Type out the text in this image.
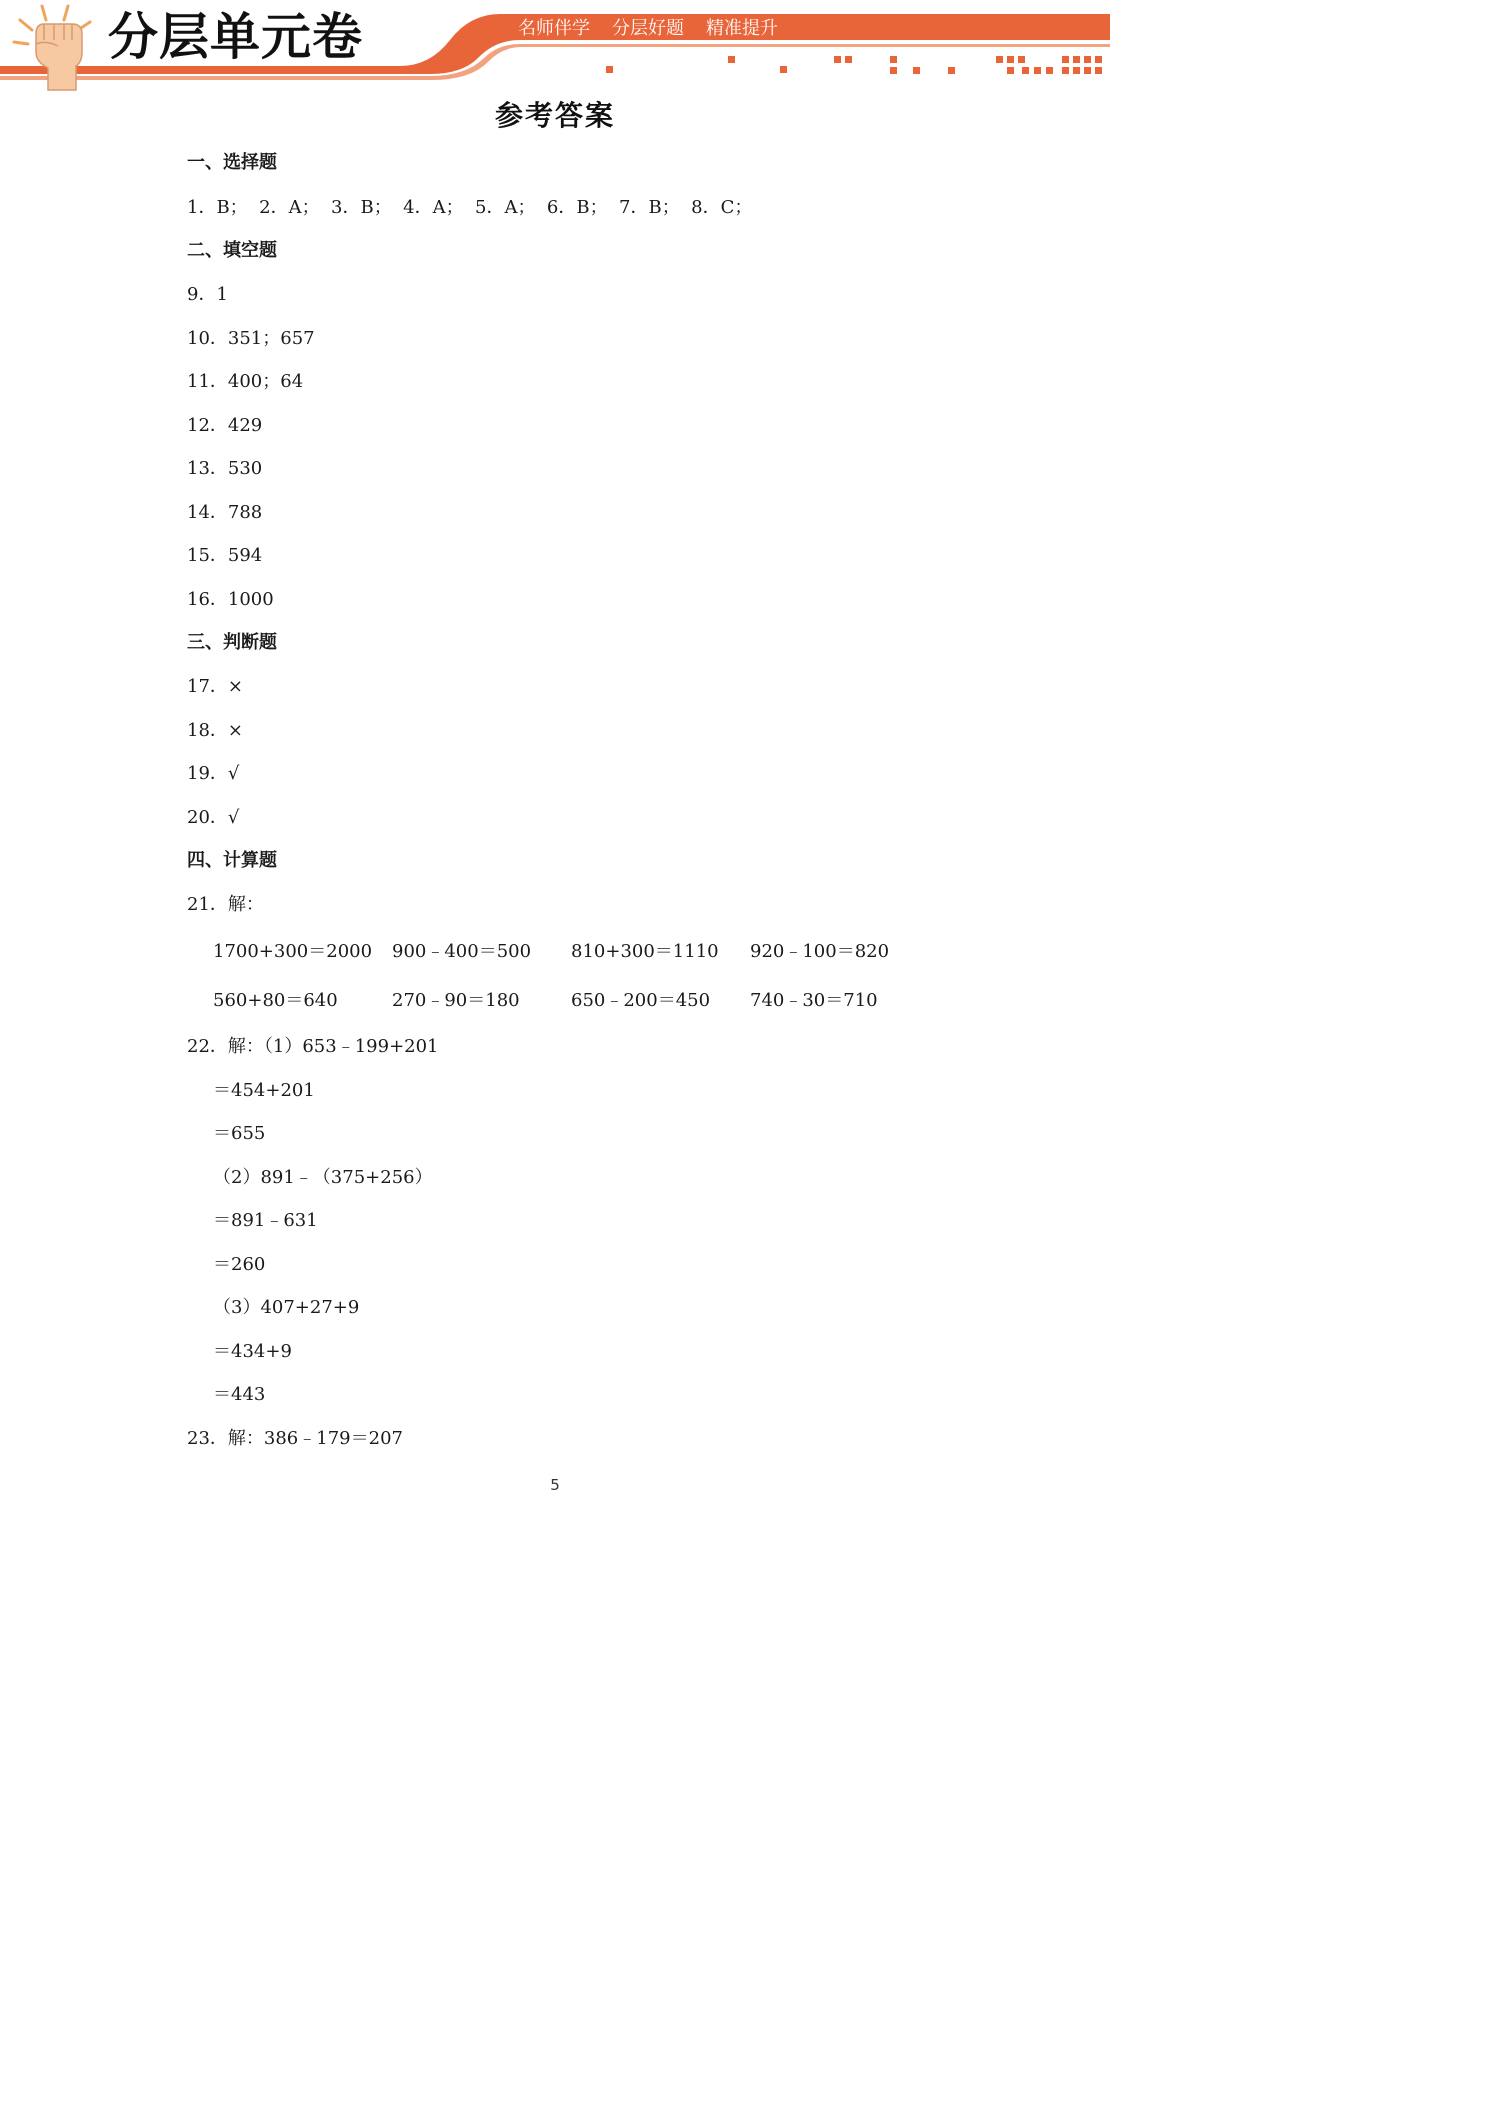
分层单元卷	名师伴学 分层好题 精准提升
参考答案
一、选择题
1．B；  2．A；  3．B；  4．A；  5．A；  6．B；  7．B；  8．C；
二、填空题
9．1
10．351；657
11．400；64
12．429
13．530
14．788
15．594
16．1000
三、判断题
17．×
18．×
19．√
20．√
四、计算题
21．解：
1700+300＝2000 900﹣400＝500 810+300＝1110 920﹣100＝820
560+80＝640	270﹣90＝180	650﹣200＝450 740﹣30＝710
22．解：（1）653﹣199+201
＝454+201
＝655
（2）891﹣（375+256）
＝891﹣631
＝260
（3）407+27+9
＝434+9
＝443
23．解：386﹣179＝207
5
